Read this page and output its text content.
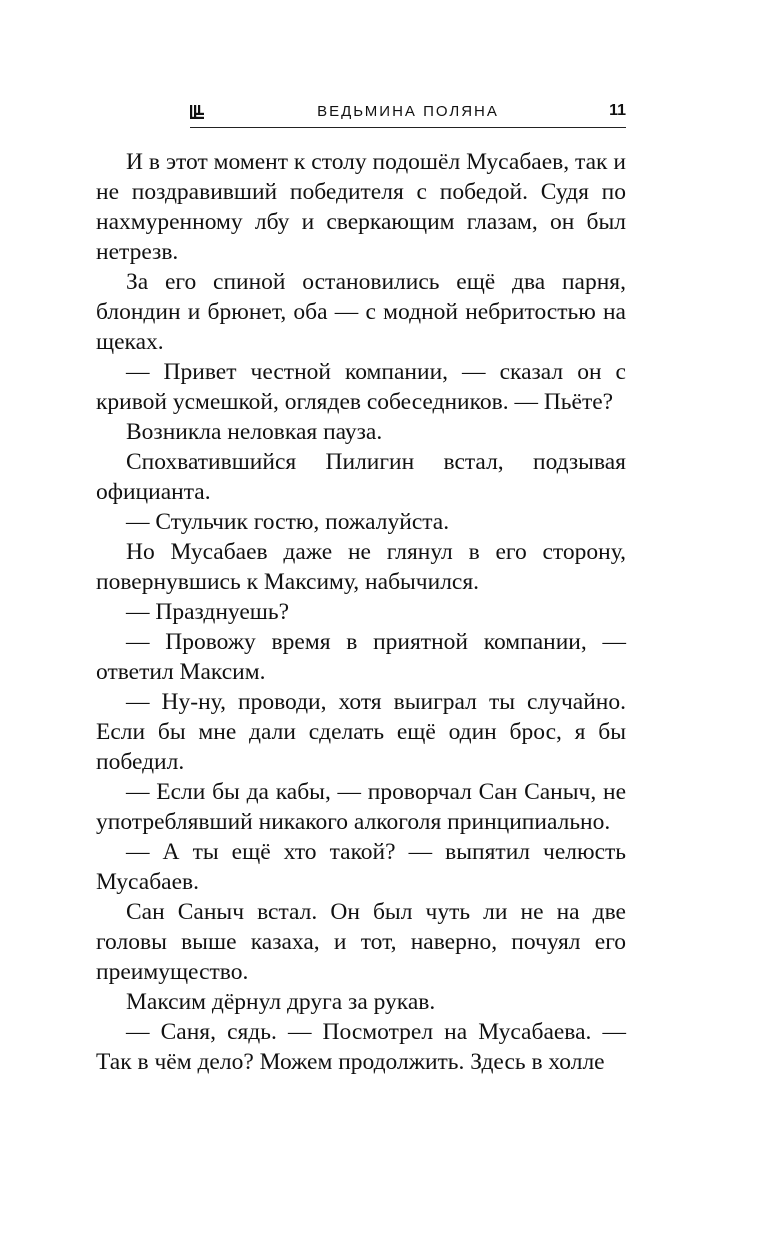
ВЕДЬМИНА ПОЛЯНА	11

И в этот момент к столу подошёл Мусабаев, так и не поздравивший победителя с победой. Судя по нахмуренному лбу и сверкающим глазам, он был нетрезв.

За его спиной остановились ещё два парня, блондин и брюнет, оба — с модной небритостью на щеках.

— Привет честной компании, — сказал он с кривой усмешкой, оглядев собеседников. — Пьёте?

Возникла неловкая пауза.

Спохватившийся Пилигин встал, подзывая официанта.

— Стульчик гостю, пожалуйста.

Но Мусабаев даже не глянул в его сторону, повернувшись к Максиму, набычился.

— Празднуешь?

— Провожу время в приятной компании, — ответил Максим.

— Ну-ну, проводи, хотя выиграл ты случайно. Если бы мне дали сделать ещё один брос, я бы победил.

— Если бы да кабы, — проворчал Сан Саныч, не употреблявший никакого алкоголя принципиально.

— А ты ещё хто такой? — выпятил челюсть Мусабаев.

Сан Саныч встал. Он был чуть ли не на две головы выше казаха, и тот, наверно, почуял его преимущество.

Максим дёрнул друга за рукав.

— Саня, сядь. — Посмотрел на Мусабаева. — Так в чём дело? Можем продолжить. Здесь в холле
